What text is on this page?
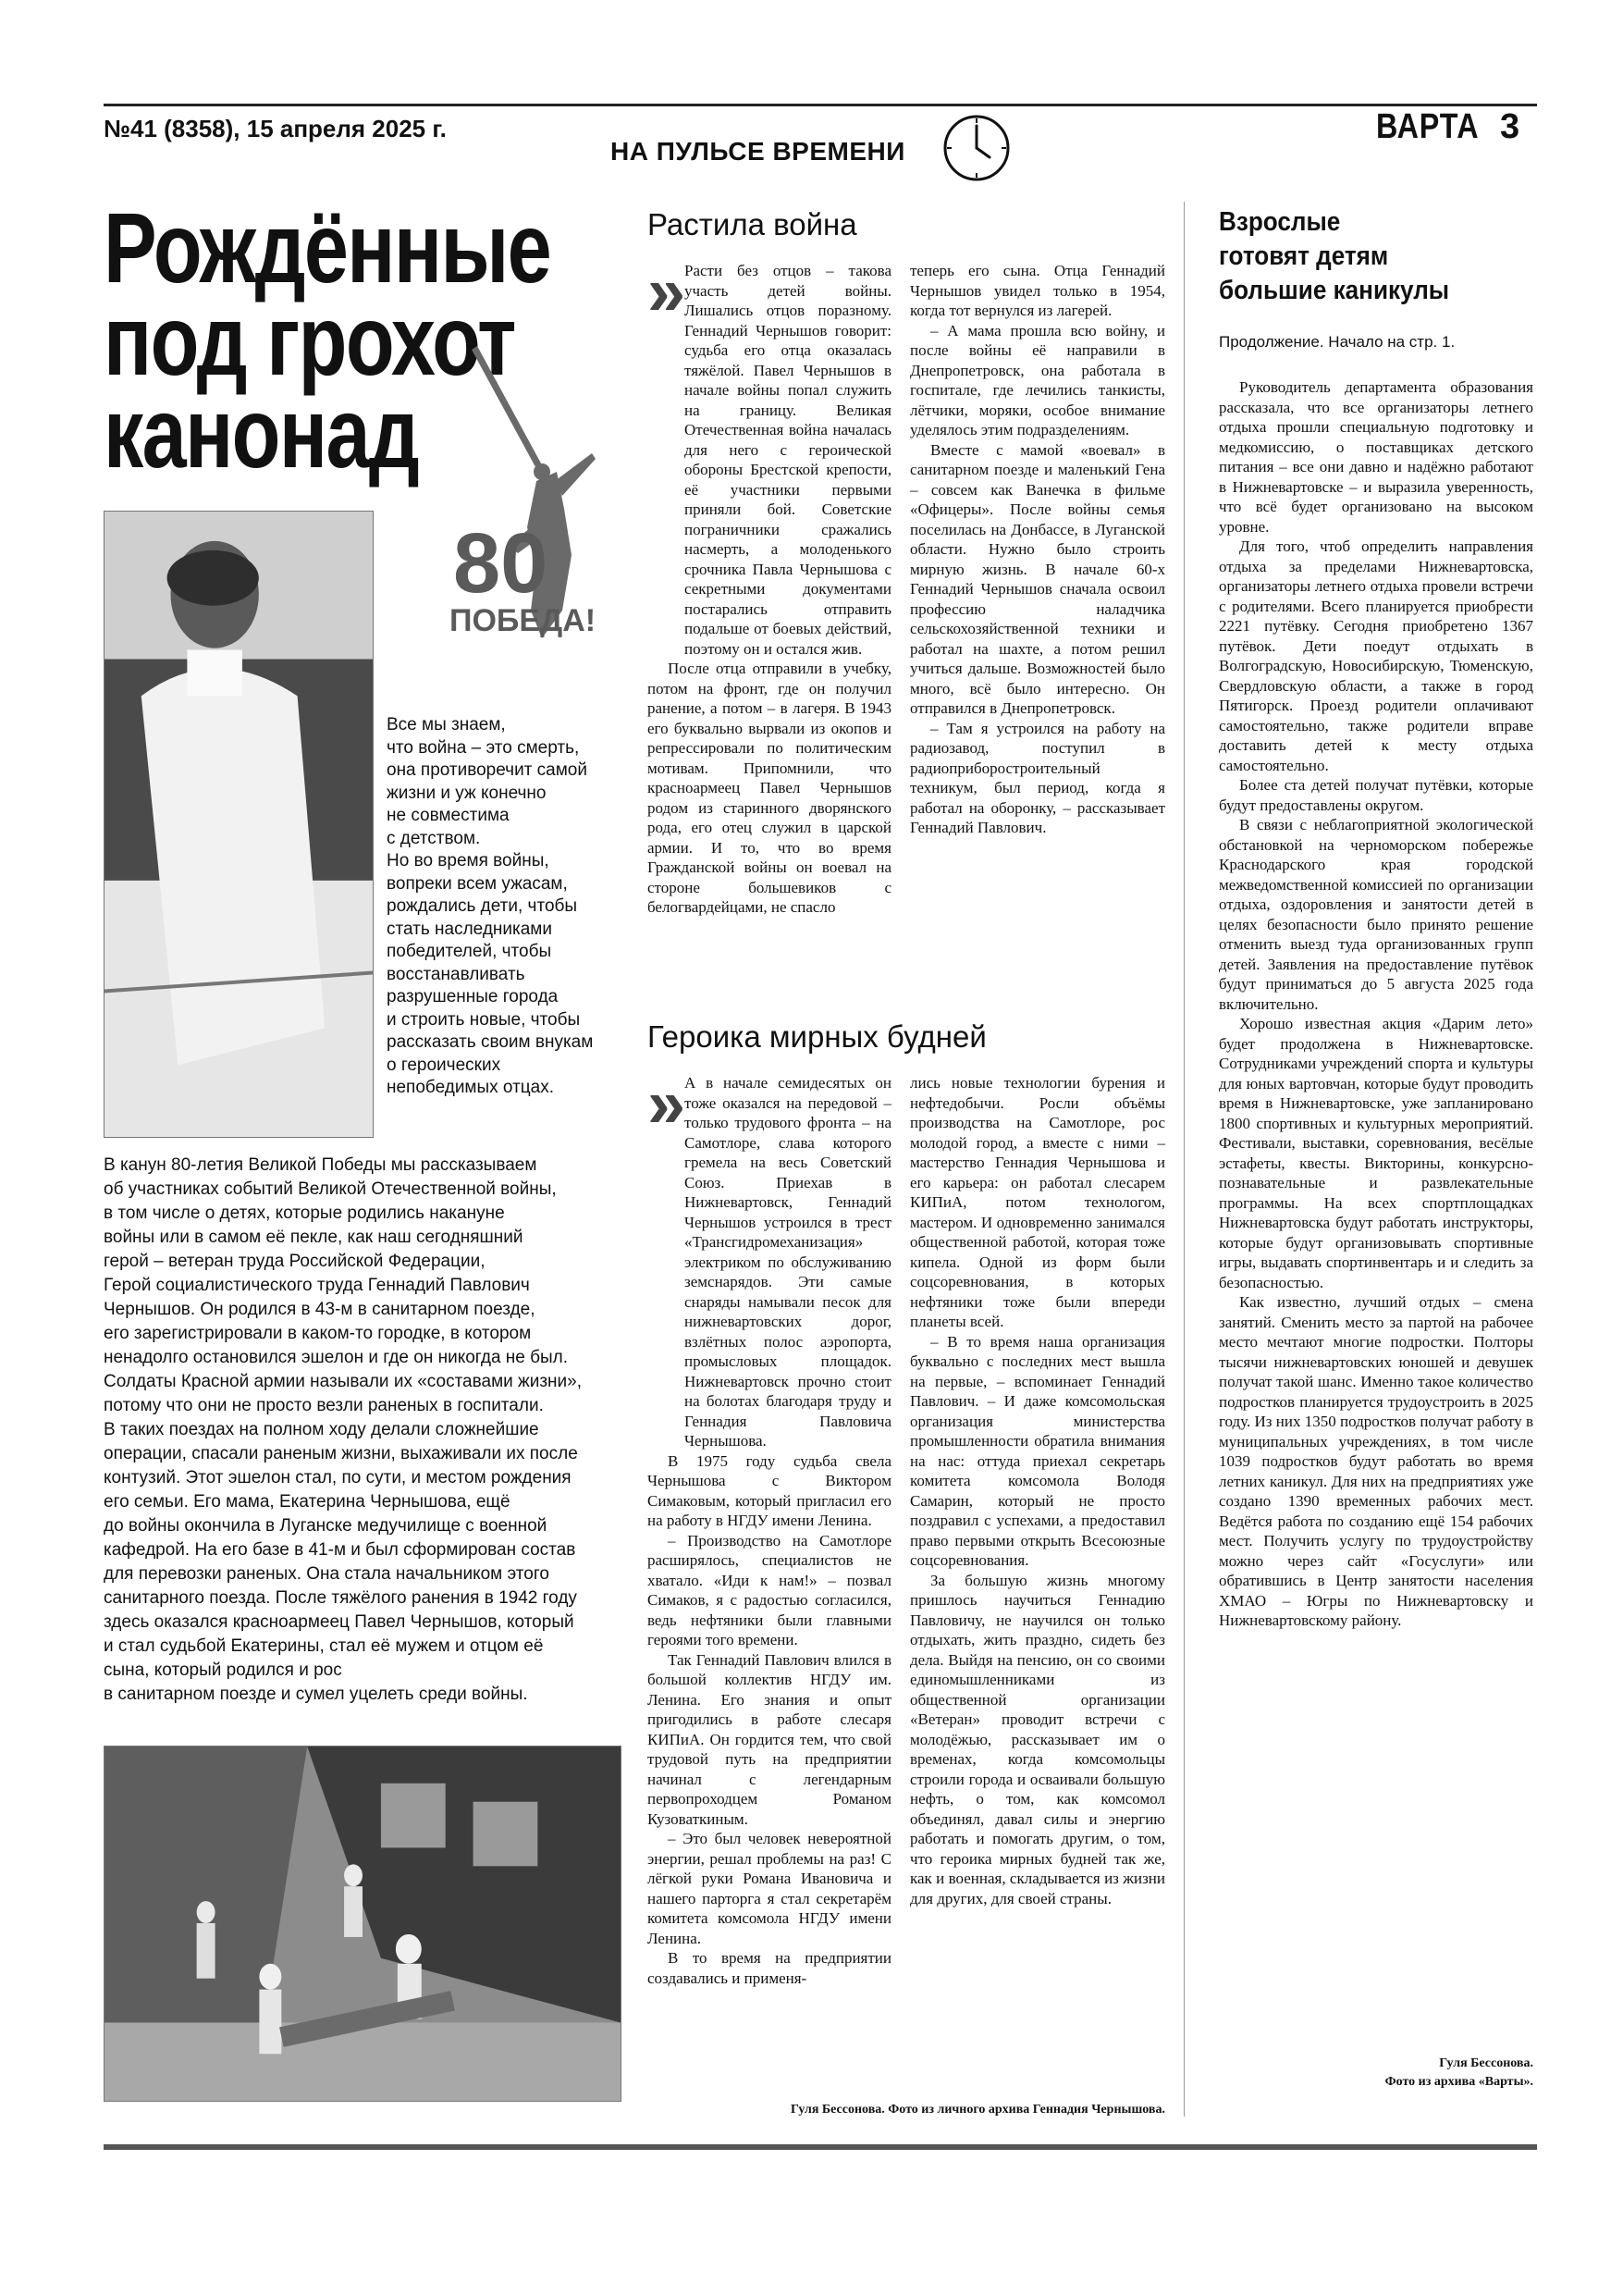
№41 (8358), 15 апреля 2025 г.
НА ПУЛЬСЕ ВРЕМЕНИ
ВАРТА 3
Рождённые
под грохот
канонад
80
ПОБЕДА!

Все мы знаем,

что война – это смерть,

она противоречит самой

жизни и уж конечно

не совместима

с детством.

Но во время войны,

вопреки всем ужасам,

рождались дети, чтобы

стать наследниками

победителей, чтобы

восстанавливать

разрушенные города

и строить новые, чтобы

рассказать своим внукам

о героических

непобедимых отцах.

В канун 80-летия Великой Победы мы рассказываем

об участниках событий Великой Отечественной войны,

в том числе о детях, которые родились накануне

войны или в самом её пекле, как наш сегодняшний

герой – ветеран труда Российской Федерации,

Герой социалистического труда Геннадий Павлович

Чернышов. Он родился в 43-м в санитарном поезде,

его зарегистрировали в каком-то городке, в котором

ненадолго остановился эшелон и где он никогда не был.

Солдаты Красной армии называли их «составами жизни»,

потому что они не просто везли раненых в госпитали.

В таких поездах на полном ходу делали сложнейшие

операции, спасали раненым жизни, выхаживали их после

контузий. Этот эшелон стал, по сути, и местом рождения

его семьи. Его мама, Екатерина Чернышова, ещё

до войны окончила в Луганске медучилище с военной

кафедрой. На его базе в 41-м и был сформирован состав

для перевозки раненых. Она стала начальником этого

санитарного поезда. После тяжёлого ранения в 1942 году

здесь оказался красноармеец Павел Чернышов, который

и стал судьбой Екатерины, стал её мужем и отцом её

сына, который родился и рос

в санитарном поезде и сумел уцелеть среди войны.

Растила война
Героика мирных будней
»
»

Расти без отцов – такова участь детей войны. Лишались отцов поразному. Геннадий Чернышов говорит: судьба его отца оказалась тяжёлой. Павел Чернышов в начале войны попал служить на границу. Великая Отечественная война началась для него с героической обороны Брестской крепости, её участники первыми приняли бой. Советские пограничники сражались насмерть, а молоденького срочника Павла Чернышова с секретными документами постарались отправить подальше от боевых действий, поэтому он и остался жив.

После отца отправили в учебку, потом на фронт, где он получил ранение, а потом – в лагеря. В 1943 его буквально вырвали из окопов и репрессировали по политическим мотивам. Припомнили, что красноармеец Павел Чернышов родом из старинного дворянского рода, его отец служил в царской армии. И то, что во время Гражданской войны он воевал на стороне большевиков с белогвардейцами, не спасло

теперь его сына. Отца Геннадий Чернышов увидел только в 1954, когда тот вернулся из лагерей.

– А мама прошла всю войну, и после войны её направили в Днепропетровск, она работала в госпитале, где лечились танкисты, лётчики, моряки, особое внимание уделялось этим подразделениям.

Вместе с мамой «воевал» в санитарном поезде и маленький Гена – совсем как Ванечка в фильме «Офицеры». После войны семья поселилась на Донбассе, в Луганской области. Нужно было строить мирную жизнь. В начале 60-х Геннадий Чернышов сначала освоил профессию наладчика сельскохозяйственной техники и работал на шахте, а потом решил учиться дальше. Возможностей было много, всё было интересно. Он отправился в Днепропетровск.

– Там я устроился на работу на радиозавод, поступил в радиоприборостроительный техникум, был период, когда я работал на оборонку, – рассказывает Геннадий Павлович.

А в начале семидесятых он тоже оказался на передовой – только трудового фронта – на Самотлоре, слава которого гремела на весь Советский Союз. Приехав в Нижневартовск, Геннадий Чернышов устроился в трест «Трансгидромеханизация» электриком по обслуживанию земснарядов. Эти самые снаряды намывали песок для нижневартовских дорог, взлётных полос аэропорта, промысловых площадок. Нижневартовск прочно стоит на болотах благодаря труду и Геннадия Павловича Чернышова.

В 1975 году судьба свела Чернышова с Виктором Симаковым, который пригласил его на работу в НГДУ имени Ленина.

– Производство на Самотлоре расширялось, специалистов не хватало. «Иди к нам!» – позвал Симаков, я с радостью согласился, ведь нефтяники были главными героями того времени.

Так Геннадий Павлович влился в большой коллектив НГДУ им. Ленина. Его знания и опыт пригодились в работе слесаря КИПиА. Он гордится тем, что свой трудовой путь на предприятии начинал с легендарным первопроходцем Романом Кузоваткиным.

– Это был человек невероятной энергии, решал проблемы на раз! С лёгкой руки Романа Ивановича и нашего парторга я стал секретарём комитета комсомола НГДУ имени Ленина.

В то время на предприятии создавались и применя-

лись новые технологии бурения и нефтедобычи. Росли объёмы производства на Самотлоре, рос молодой город, а вместе с ними – мастерство Геннадия Чернышова и его карьера: он работал слесарем КИПиА, потом технологом, мастером. И одновременно занимался общественной работой, которая тоже кипела. Одной из форм были соцсоревнования, в которых нефтяники тоже были впереди планеты всей.

– В то время наша организация буквально с последних мест вышла на первые, – вспоминает Геннадий Павлович. – И даже комсомольская организация министерства промышленности обратила внимания на нас: оттуда приехал секретарь комитета комсомола Володя Самарин, который не просто поздравил с успехами, а предоставил право первыми открыть Всесоюзные соцсоревнования.

За большую жизнь многому пришлось научиться Геннадию Павловичу, не научился он только отдыхать, жить праздно, сидеть без дела. Выйдя на пенсию, он со своими единомышленниками из общественной организации «Ветеран» проводит встречи с молодёжью, рассказывает им о временах, когда комсомольцы строили города и осваивали большую нефть, о том, как комсомол объединял, давал силы и энергию работать и помогать другим, о том, что героика мирных будней так же, как и военная, складывается из жизни для других, для своей страны.

Гуля Бессонова. Фото из личного архива Геннадия Чернышова.
Взрослые
готовят детям
большие каникулы
Продолжение. Начало на стр. 1.

Руководитель департамента образования рассказала, что все организаторы летнего отдыха прошли специальную подготовку и медкомиссию, о поставщиках детского питания – все они давно и надёжно работают в Нижневартовске – и выразила уверенность, что всё будет организовано на высоком уровне.

Для того, чтоб определить направления отдыха за пределами Нижневартовска, организаторы летнего отдыха провели встречи с родителями. Всего планируется приобрести 2221 путёвку. Сегодня приобретено 1367 путёвок. Дети поедут отдыхать в Волгоградскую, Новосибирскую, Тюменскую, Свердловскую области, а также в город Пятигорск. Проезд родители оплачивают самостоятельно, также родители вправе доставить детей к месту отдыха самостоятельно.

Более ста детей получат путёвки, которые будут предоставлены округом.

В связи с неблагоприятной экологической обстановкой на черноморском побережье Краснодарского края городской межведомственной комиссией по организации отдыха, оздоровления и занятости детей в целях безопасности было принято решение отменить выезд туда организованных групп детей. Заявления на предоставление путёвок будут приниматься до 5 августа 2025 года включительно.

Хорошо известная акция «Дарим лето» будет продолжена в Нижневартовске. Сотрудниками учреждений спорта и культуры для юных вартовчан, которые будут проводить время в Нижневартовске, уже запланировано 1800 спортивных и культурных мероприятий. Фестивали, выставки, соревнования, весёлые эстафеты, квесты. Викторины, конкурсно-познавательные и развлекательные программы. На всех спортплощадках Нижневартовска будут работать инструкторы, которые будут организовывать спортивные игры, выдавать спортинвентарь и и следить за безопасностью.

Как известно, лучший отдых – смена занятий. Сменить место за партой на рабочее место мечтают многие подростки. Полторы тысячи нижневартовских юношей и девушек получат такой шанс. Именно такое количество подростков планируется трудоустроить в 2025 году. Из них 1350 подростков получат работу в муниципальных учреждениях, в том числе 1039 подростков будут работать во время летних каникул. Для них на предприятиях уже создано 1390 временных рабочих мест. Ведётся работа по созданию ещё 154 рабочих мест. Получить услугу по трудоустройству можно через сайт «Госуслуги» или обратившись в Центр занятости населения ХМАО – Югры по Нижневартовску и Нижневартовскому району.

Гуля Бессонова.
Фото из архива «Варты».
